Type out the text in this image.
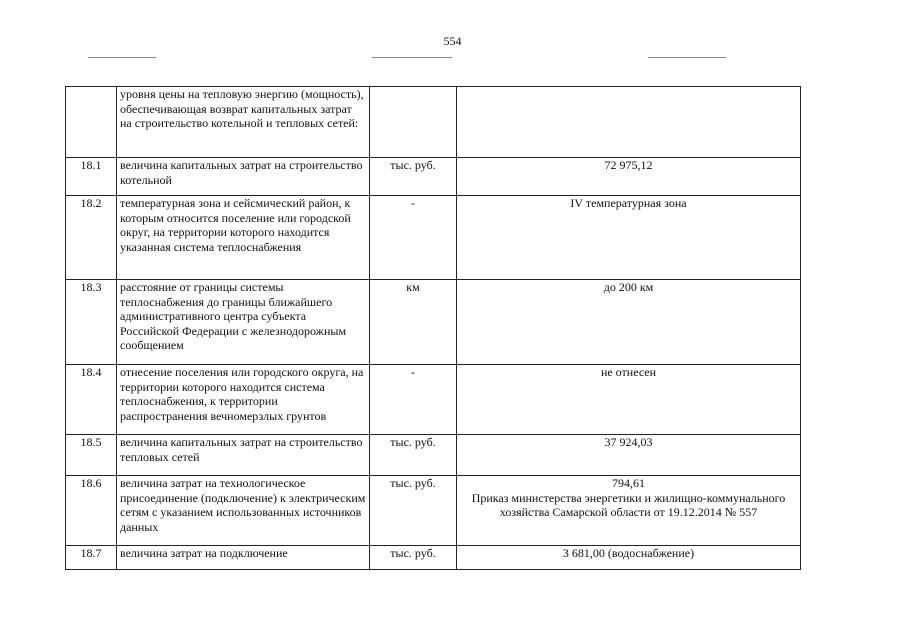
554
	уровня цены на тепловую энергию (мощность), обеспечивающая возврат капитальных затрат на строительство котельной и тепловых сетей:		
18.1	величина капитальных затрат на строительство котельной	тыс. руб.	72 975,12
18.2	температурная зона и сейсмический район, к которым относится поселение или городской округ, на территории которого находится указанная система теплоснабжения	-	IV температурная зона
18.3	расстояние от границы системы теплоснабжения до границы ближайшего административного центра субъекта Российской Федерации с железнодорожным сообщением	км	до 200 км
18.4	отнесение поселения или городского округа, на территории которого находится система теплоснабжения, к территории распространения вечномерзлых грунтов	-	не отнесен
18.5	величина капитальных затрат на строительство тепловых сетей	тыс. руб.	37 924,03
18.6	величина затрат на технологическое присоединение (подключение) к электрическим сетям с указанием использованных источников данных	тыс. руб.	794,61
Приказ министерства энергетики и жилищно-коммунального хозяйства Самарской области от 19.12.2014 № 557

18.7	величина затрат на подключение	тыс. руб.	3 681,00 (водоснабжение)
